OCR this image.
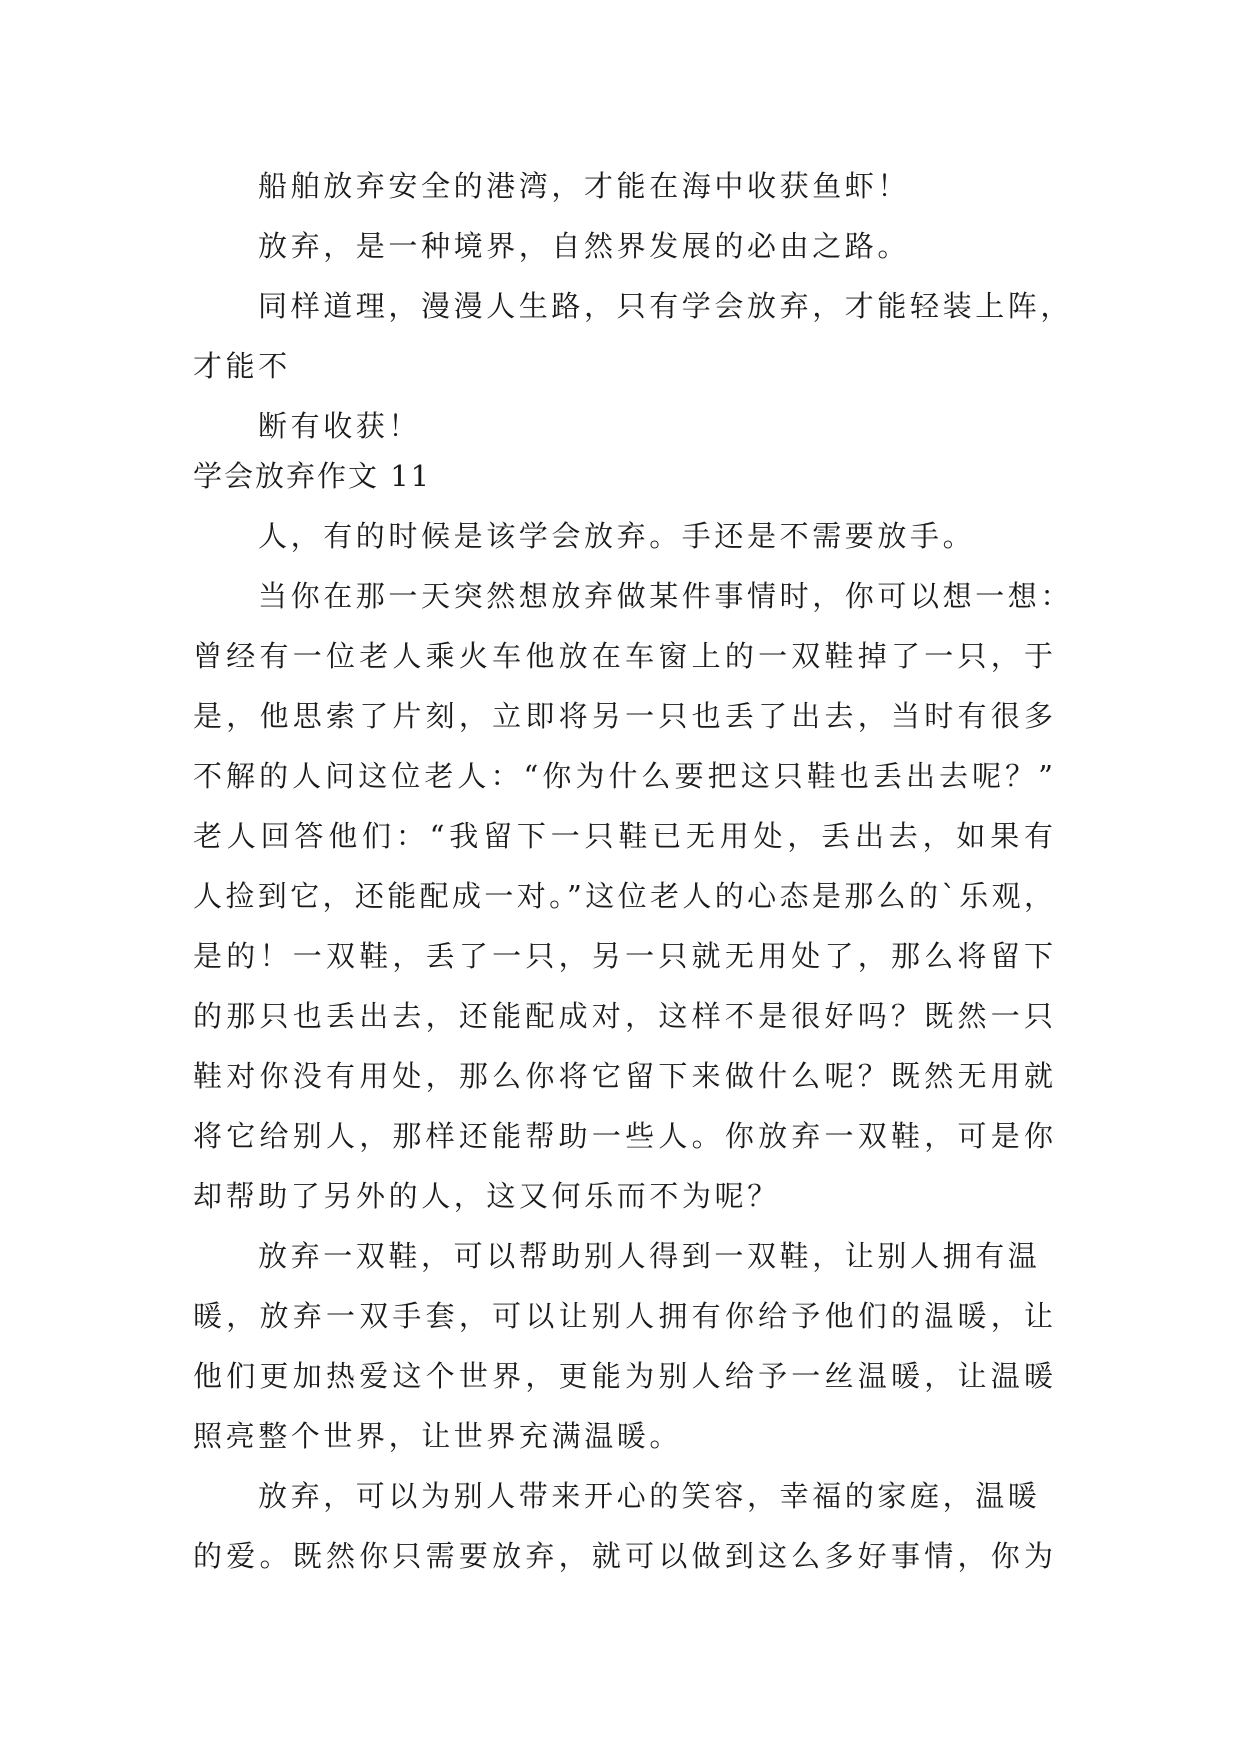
船舶放弃安全的港湾，才能在海中收获鱼虾！

放弃，是一种境界，自然界发展的必由之路。

同样道理，漫漫人生路，只有学会放弃，才能轻装上阵，

才能不

断有收获！

学会放弃作文 11

人，有的时候是该学会放弃。手还是不需要放手。

当你在那一天突然想放弃做某件事情时，你可以想一想：

曾经有一位老人乘火车他放在车窗上的一双鞋掉了一只，于

是，他思索了片刻，立即将另一只也丢了出去，当时有很多

不解的人问这位老人：“你为什么要把这只鞋也丢出去呢？”

老人回答他们：“我留下一只鞋已无用处，丢出去，如果有

人捡到它，还能配成一对。”这位老人的心态是那么的`乐观，

是的！一双鞋，丢了一只，另一只就无用处了，那么将留下

的那只也丢出去，还能配成对，这样不是很好吗？既然一只

鞋对你没有用处，那么你将它留下来做什么呢？既然无用就

将它给别人，那样还能帮助一些人。你放弃一双鞋，可是你

却帮助了另外的人，这又何乐而不为呢？

放弃一双鞋，可以帮助别人得到一双鞋，让别人拥有温

暖，放弃一双手套，可以让别人拥有你给予他们的温暖，让

他们更加热爱这个世界，更能为别人给予一丝温暖，让温暖

照亮整个世界，让世界充满温暖。

放弃，可以为别人带来开心的笑容，幸福的家庭，温暖

的爱。既然你只需要放弃，就可以做到这么多好事情，你为
